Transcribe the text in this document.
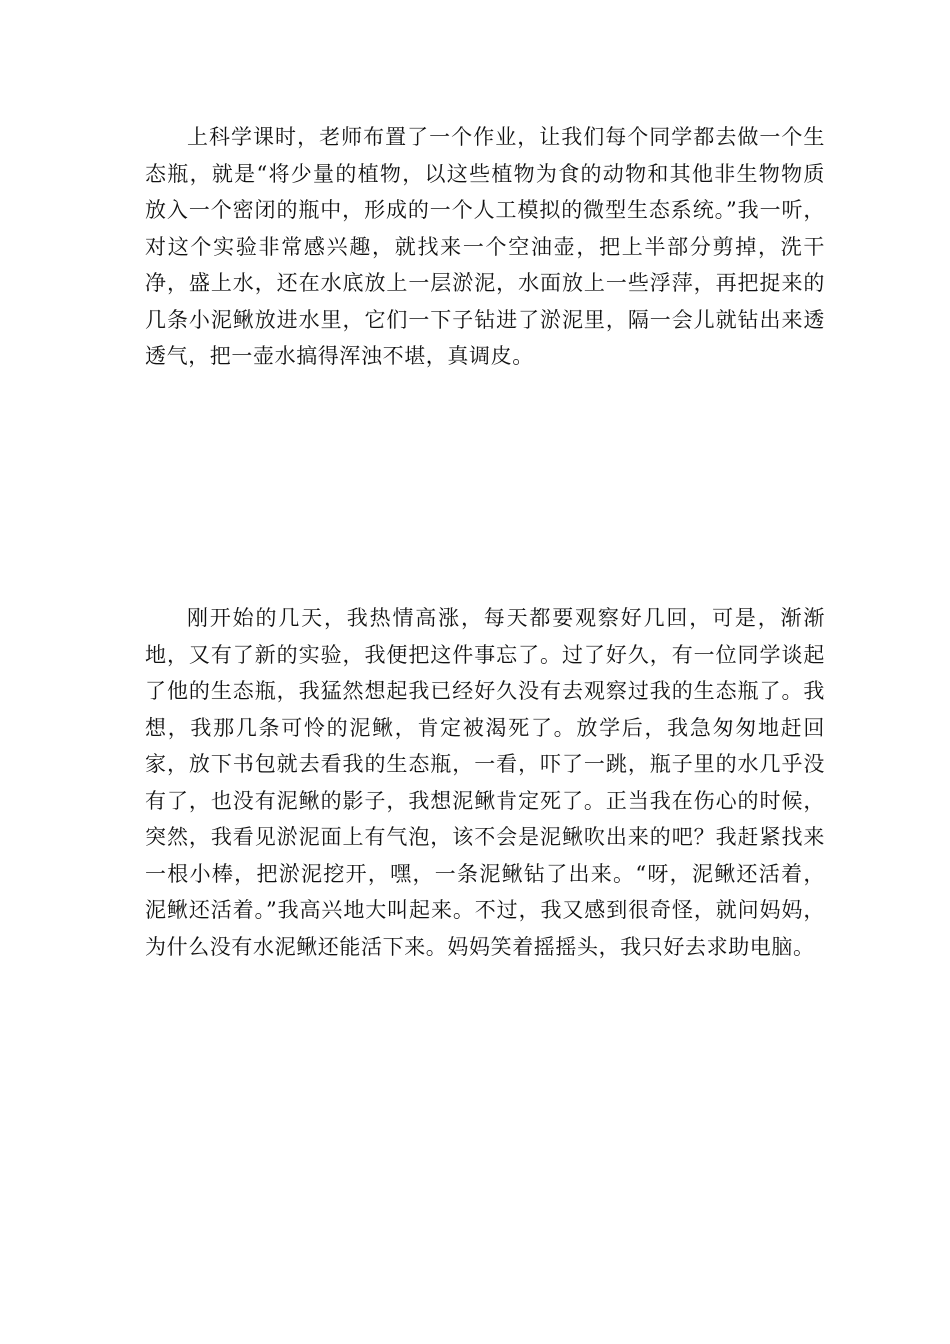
上科学课时，老师布置了一个作业，让我们每个同学都去做一个生态瓶，就是“将少量的植物，以这些植物为食的动物和其他非生物物质放入一个密闭的瓶中，形成的一个人工模拟的微型生态系统。”我一听，对这个实验非常感兴趣，就找来一个空油壶，把上半部分剪掉，洗干净，盛上水，还在水底放上一层淤泥，水面放上一些浮萍，再把捉来的几条小泥鳅放进水里，它们一下子钻进了淤泥里，隔一会儿就钻出来透透气，把一壶水搞得浑浊不堪，真调皮。

刚开始的几天，我热情高涨，每天都要观察好几回，可是，渐渐地，又有了新的实验，我便把这件事忘了。过了好久，有一位同学谈起了他的生态瓶，我猛然想起我已经好久没有去观察过我的生态瓶了。我想，我那几条可怜的泥鳅，肯定被渴死了。放学后，我急匆匆地赶回家，放下书包就去看我的生态瓶，一看，吓了一跳，瓶子里的水几乎没有了，也没有泥鳅的影子，我想泥鳅肯定死了。正当我在伤心的时候，突然，我看见淤泥面上有气泡，该不会是泥鳅吹出来的吧？我赶紧找来一根小棒，把淤泥挖开，嘿，一条泥鳅钻了出来。“呀，泥鳅还活着，泥鳅还活着。”我高兴地大叫起来。不过，我又感到很奇怪，就问妈妈，为什么没有水泥鳅还能活下来。妈妈笑着摇摇头，我只好去求助电脑。
